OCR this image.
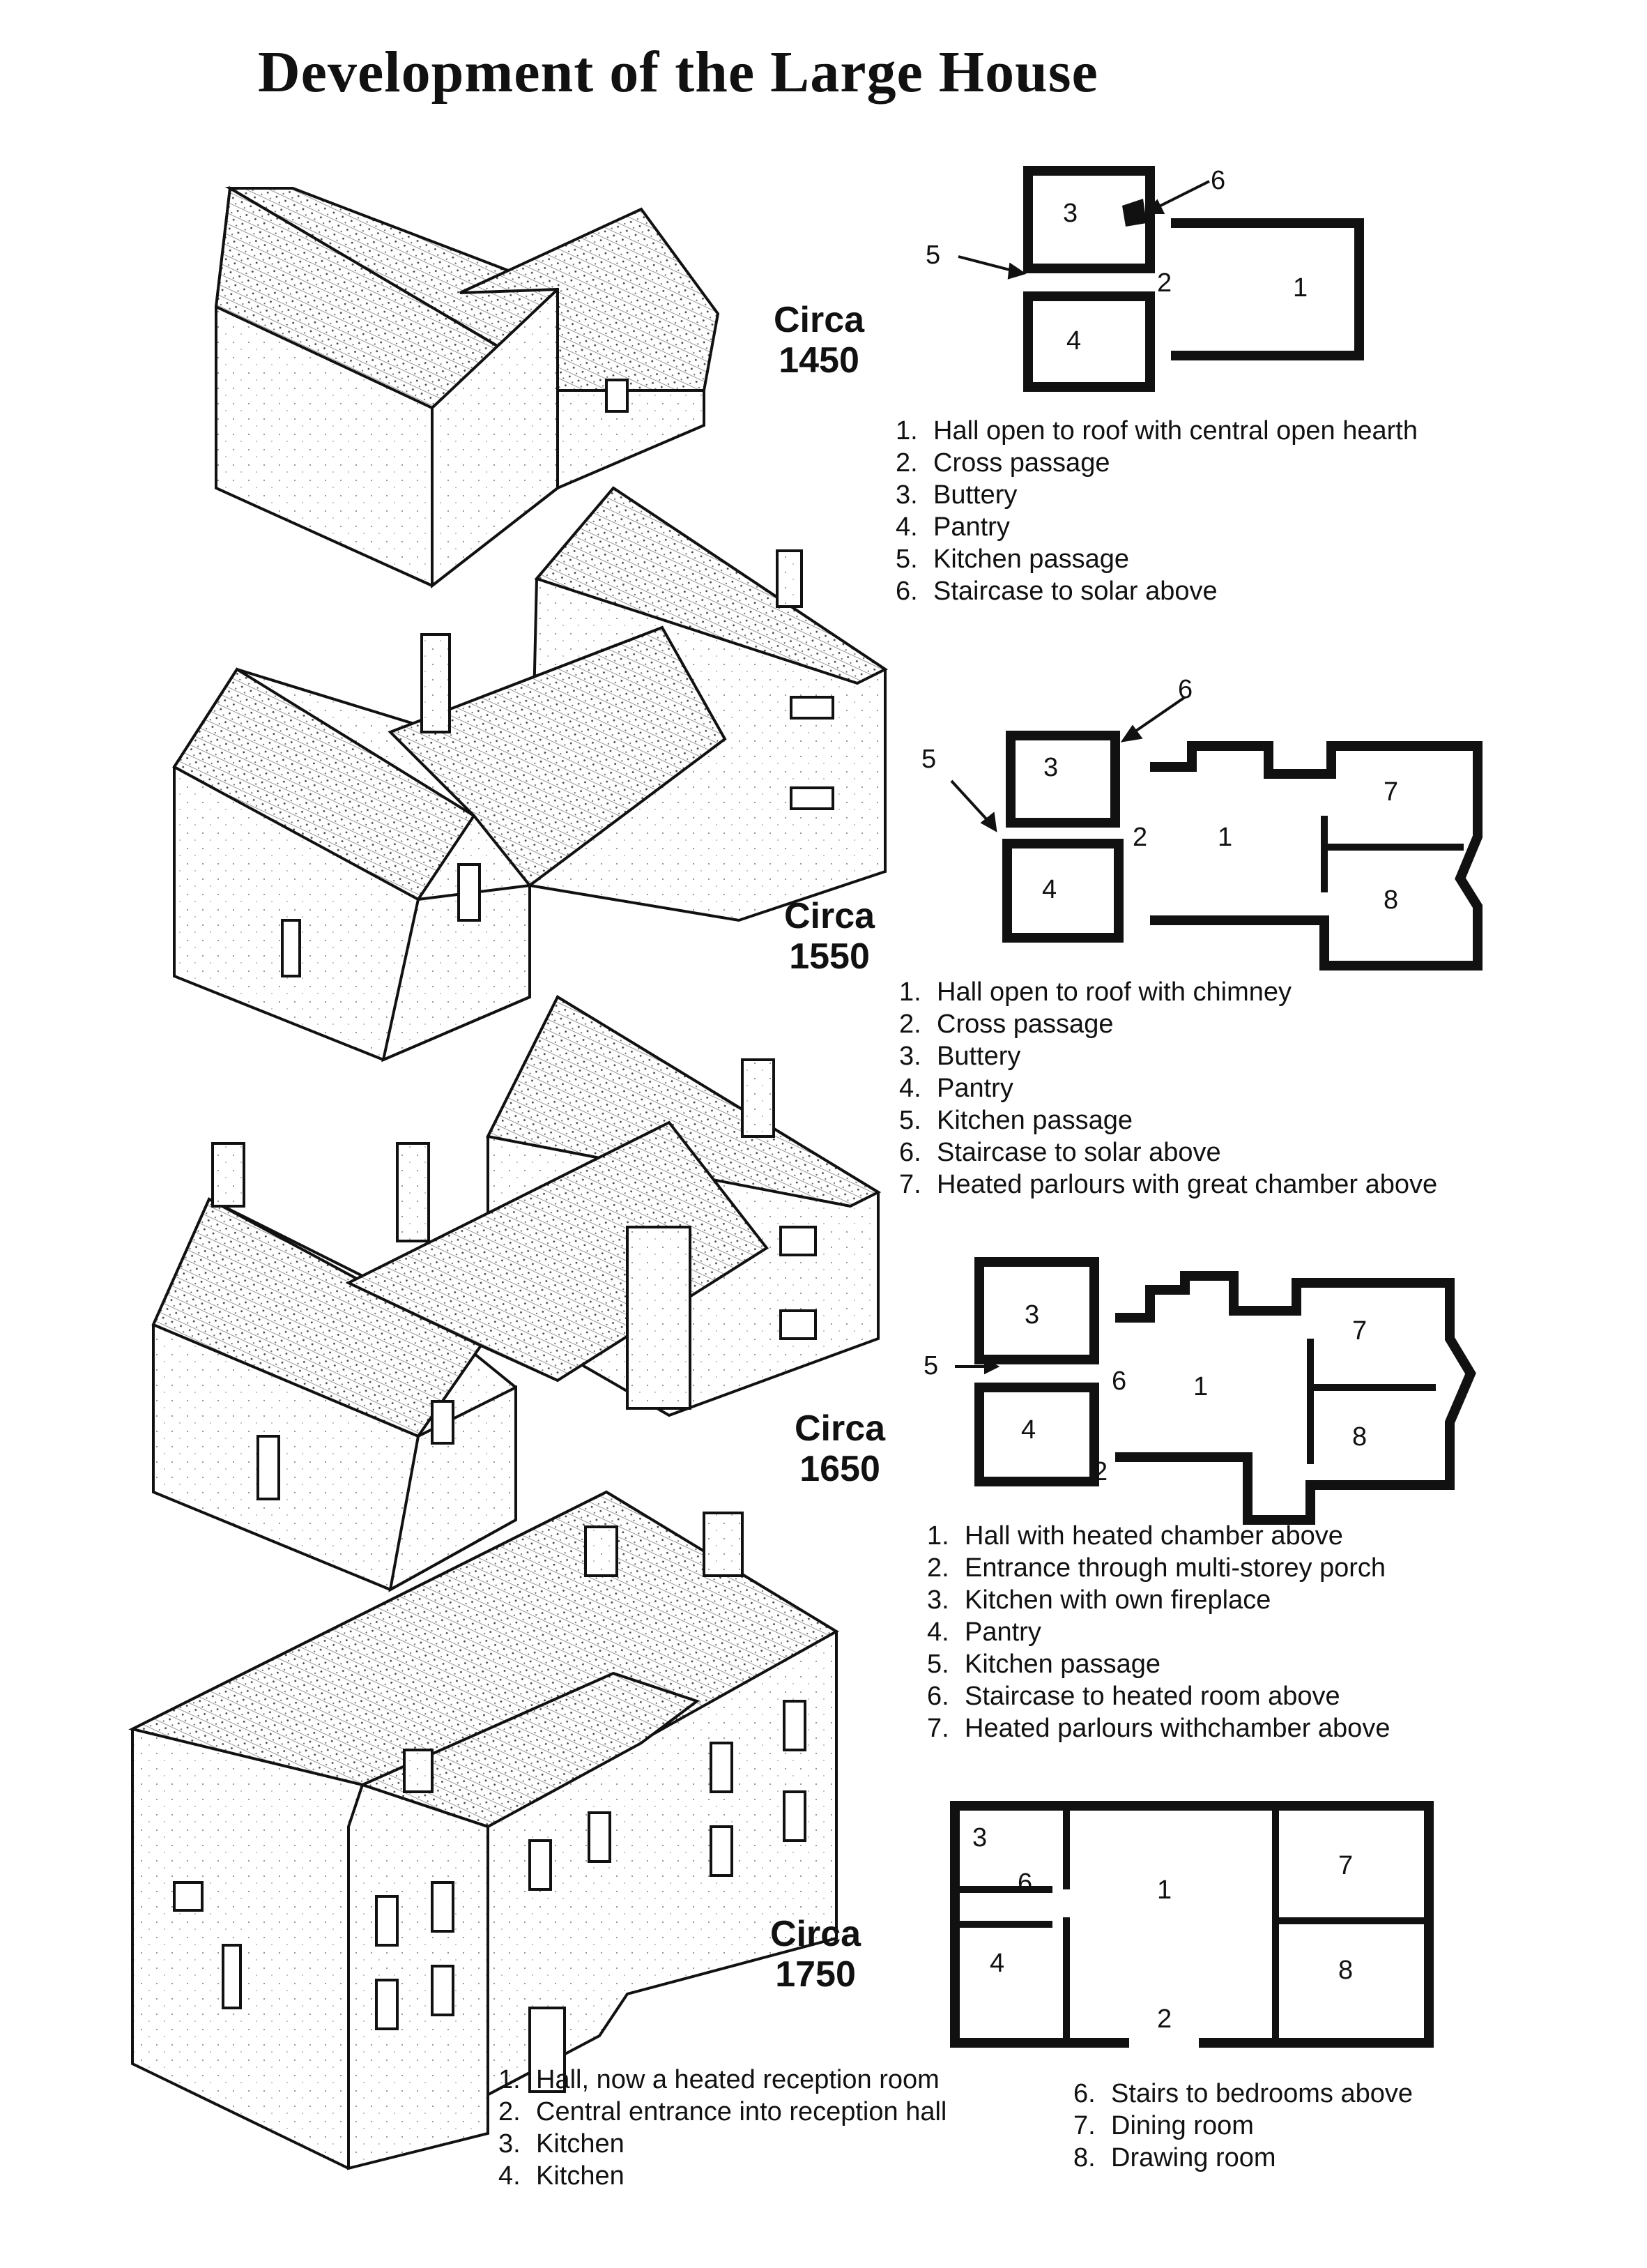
Development of the Large House
Circa
1450
Circa
1550
Circa
1650
Circa
1750
1
2
3
4
5
6
1
2
3
4
5
6
7
8
1
2
3
4
5
6
7
8
1
2
3
4
6
7
8
1. Hall open to roof with central open hearth
2. Cross passage
3. Buttery
4. Pantry
5. Kitchen passage
6. Staircase to solar above
1. Hall open to roof with chimney
2. Cross passage
3. Buttery
4. Pantry
5. Kitchen passage
6. Staircase to solar above
7. Heated parlours with great chamber above
1. Hall with heated chamber above
2. Entrance through multi-storey porch
3. Kitchen with own fireplace
4. Pantry
5. Kitchen passage
6. Staircase to heated room above
7. Heated parlours withchamber above
1. Hall, now a heated reception room
2. Central entrance into reception hall
3. Kitchen
4. Kitchen
6. Stairs to bedrooms above
7. Dining room
8. Drawing room
